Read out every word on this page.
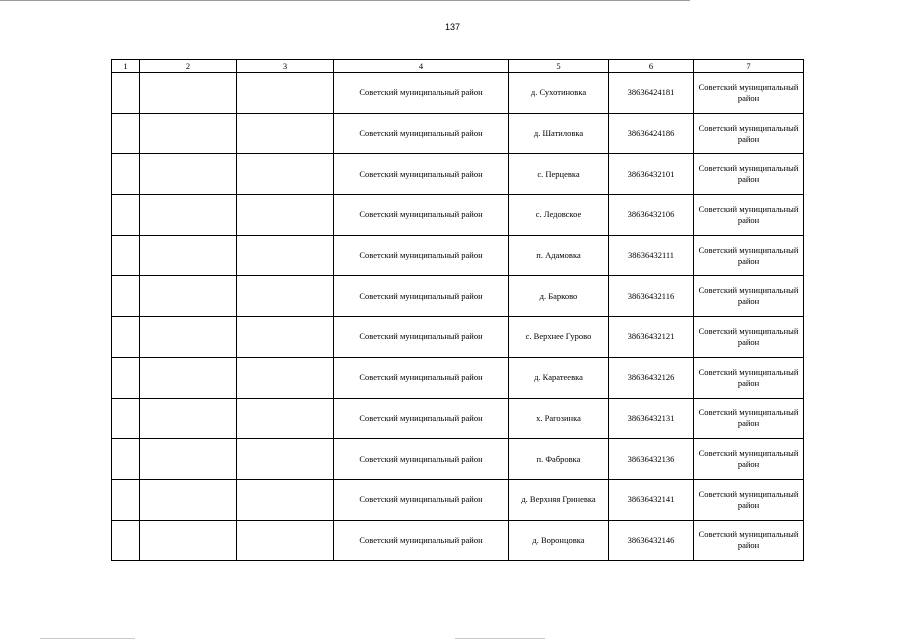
137
1	2	3	4	5	6	7
			Советский муниципальный район	д. Сухотиновка	38636424181	Советский муниципальный район
			Советский муниципальный район	д. Шатиловка	38636424186	Советский муниципальный район
			Советский муниципальный район	с. Перцевка	38636432101	Советский муниципальный район
			Советский муниципальный район	с. Ледовское	38636432106	Советский муниципальный район
			Советский муниципальный район	п. Адамовка	38636432111	Советский муниципальный район
			Советский муниципальный район	д. Барково	38636432116	Советский муниципальный район
			Советский муниципальный район	с. Верхнее Гурово	38636432121	Советский муниципальный район
			Советский муниципальный район	д. Каратеевка	38636432126	Советский муниципальный район
			Советский муниципальный район	х. Рагозинка	38636432131	Советский муниципальный район
			Советский муниципальный район	п. Фабровка	38636432136	Советский муниципальный район
			Советский муниципальный район	д. Верхняя Гриневка	38636432141	Советский муниципальный район
			Советский муниципальный район	д. Воронцовка	38636432146	Советский муниципальный район
